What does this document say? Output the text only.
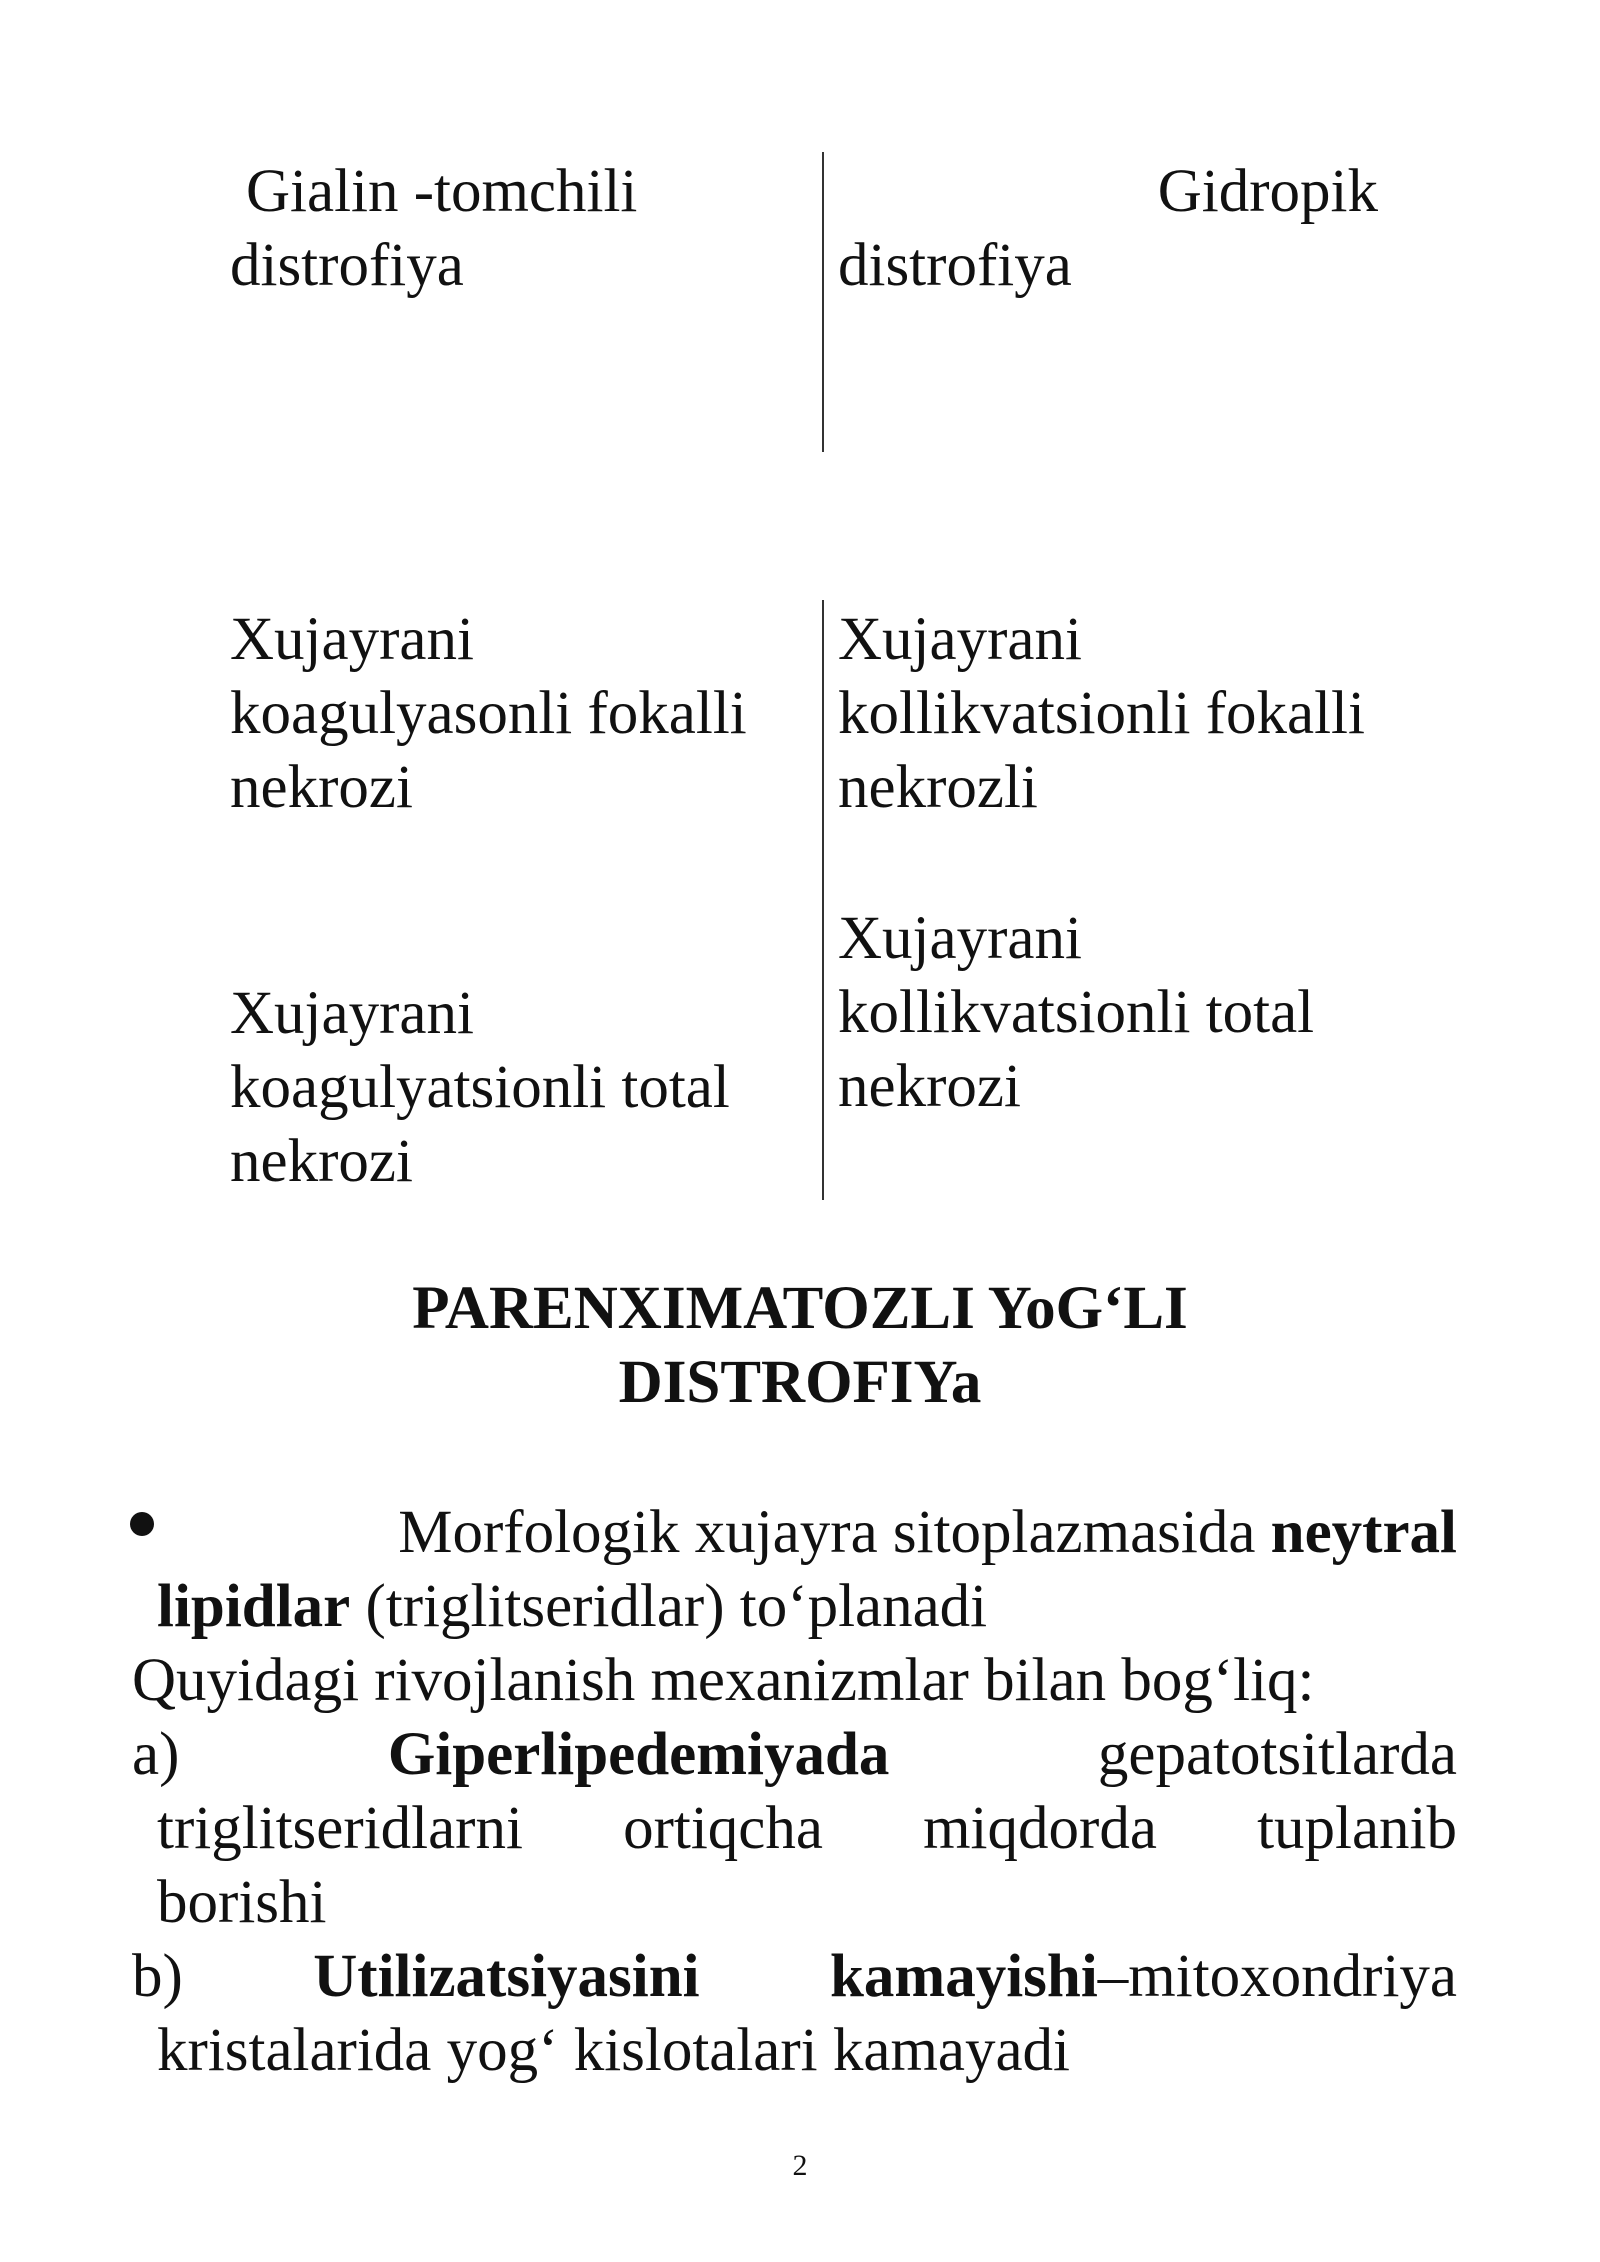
Gialin -tomchili
distrofiya
Gidropik
distrofiya
Xujayrani
koagulyasonli fokalli
nekrozi
Xujayrani
kollikvatsionli fokalli
nekrozli
Xujayrani
koagulyatsionli total
nekrozi
Xujayrani
kollikvatsionli total
nekrozi
PARENXIMATOZLI YoG‘LI
DISTROFIYa
Morfologik xujayra sitoplazmasida neytral
lipidlar (triglitseridlar) to‘planadi
Quyidagi rivojlanish mexanizmlar bilan bog‘liq:
a)	Giperlipedemiyada	gepatotsitlarda
triglitseridlarni ortiqcha miqdorda tuplanib
borishi
b) Utilizatsiyasini kamayishi–mitoxondriya
kristalarida yog‘ kislotalari kamayadi
2
